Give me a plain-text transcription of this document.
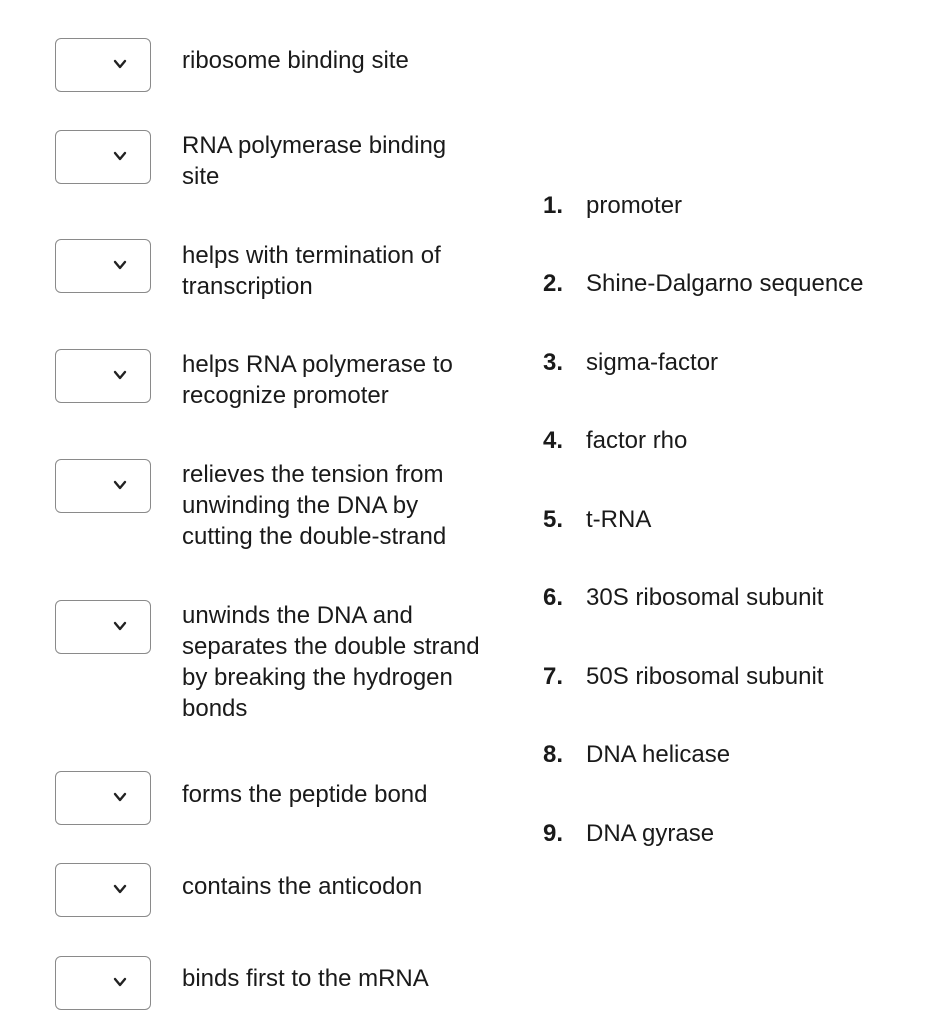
ribosome binding site
RNA polymerase binding
site
helps with termination of
transcription
helps RNA polymerase to
recognize promoter
relieves the tension from
unwinding the DNA by
cutting the double-strand
unwinds the DNA and
separates the double strand
by breaking the hydrogen
bonds
forms the peptide bond
contains the anticodon
binds first to the mRNA
1. promoter
2. Shine-Dalgarno sequence
3. sigma-factor
4. factor rho
5. t-RNA
6. 30S ribosomal subunit
7. 50S ribosomal subunit
8. DNA helicase
9. DNA gyrase
